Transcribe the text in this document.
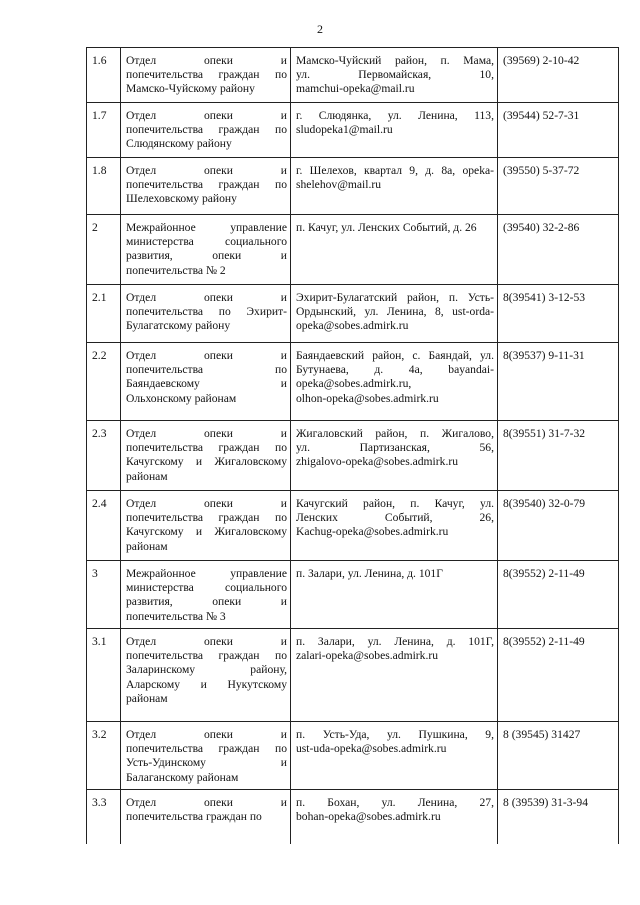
2
1.6	Отдел опеки и
попечительства граждан по
Мамско-Чуйскому району	Мамско-Чуйский район, п. Мама,
ул. Первомайская, 10,
mamchui-opeka@mail.ru	(39569) 2-10-42
1.7	Отдел опеки и
попечительства граждан по
Слюдянскому району	г. Слюдянка, ул. Ленина, 113,
sludopeka1@mail.ru	(39544) 52-7-31
1.8	Отдел опеки и
попечительства граждан по
Шелеховскому району	г. Шелехов, квартал 9, д. 8а, opeka-
shelehov@mail.ru	(39550) 5-37-72
2	Межрайонное управление
министерства социального
развития, опеки и
попечительства № 2	п. Качуг, ул. Ленских Событий, д. 26	(39540) 32-2-86
2.1	Отдел опеки и
попечительства по Эхирит-
Булагатскому району	Эхирит-Булагатский район, п. Усть-
Ордынский, ул. Ленина, 8, ust-orda-
opeka@sobes.admirk.ru	8(39541) 3-12-53
2.2	Отдел опеки и
попечительства по
Баяндаевскому и
Ольхонскому районам	Баяндаевский район, с. Баяндай, ул.
Бутунаева, д. 4а, bayandai-
opeka@sobes.admirk.ru,
olhon-opeka@sobes.admirk.ru	8(39537) 9-11-31
2.3	Отдел опеки и
попечительства граждан по
Качугскому и Жигаловскому
районам	Жигаловский район, п. Жигалово,
ул. Партизанская, 56,
zhigalovo-opeka@sobes.admirk.ru	8(39551) 31-7-32
2.4	Отдел опеки и
попечительства граждан по
Качугскому и Жигаловскому
районам	Качугский район, п. Качуг, ул.
Ленских Событий, 26,
Kachug-opeka@sobes.admirk.ru	8(39540) 32-0-79
3	Межрайонное управление
министерства социального
развития, опеки и
попечительства № 3	п. Залари, ул. Ленина, д. 101Г	8(39552) 2-11-49
3.1	Отдел опеки и
попечительства граждан по
Заларинскому району,
Аларскому и Нукутскому
районам	п. Залари, ул. Ленина, д. 101Г,
zalari-opeka@sobes.admirk.ru	8(39552) 2-11-49
3.2	Отдел опеки и
попечительства граждан по
Усть-Удинскому и
Балаганскому районам	п. Усть-Уда, ул. Пушкина, 9,
ust-uda-opeka@sobes.admirk.ru	8 (39545) 31427
3.3	Отдел опеки и
попечительства граждан по	п. Бохан, ул. Ленина, 27,
bohan-opeka@sobes.admirk.ru	8 (39539) 31-3-94
